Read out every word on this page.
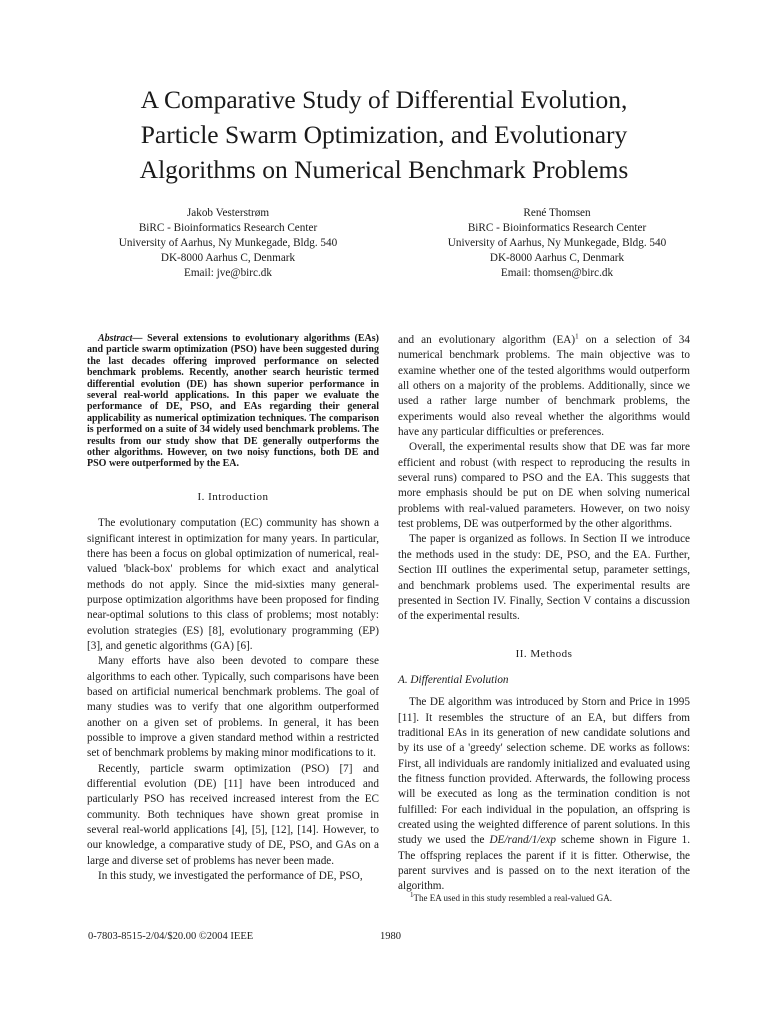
A Comparative Study of Differential Evolution,
Particle Swarm Optimization, and Evolutionary
Algorithms on Numerical Benchmark Problems
Jakob Vesterstrøm
BiRC - Bioinformatics Research Center
University of Aarhus, Ny Munkegade, Bldg. 540
DK-8000 Aarhus C, Denmark
Email: jve@birc.dk
René Thomsen
BiRC - Bioinformatics Research Center
University of Aarhus, Ny Munkegade, Bldg. 540
DK-8000 Aarhus C, Denmark
Email: thomsen@birc.dk

Abstract— Several extensions to evolutionary algorithms (EAs) and particle swarm optimization (PSO) have been suggested during the last decades offering improved performance on selected benchmark problems. Recently, another search heuristic termed differential evolution (DE) has shown superior performance in several real-world applications. In this paper we evaluate the performance of DE, PSO, and EAs regarding their general applicability as numerical optimization techniques. The comparison is performed on a suite of 34 widely used benchmark problems. The results from our study show that DE generally outperforms the other algorithms. However, on two noisy functions, both DE and PSO were outperformed by the EA.

I. Introduction

The evolutionary computation (EC) community has shown a significant interest in optimization for many years. In particular, there has been a focus on global optimization of numerical, real-valued 'black-box' problems for which exact and analytical methods do not apply. Since the mid-sixties many general-purpose optimization algorithms have been proposed for finding near-optimal solutions to this class of problems; most notably: evolution strategies (ES) [8], evolutionary programming (EP) [3], and genetic algorithms (GA) [6].

Many efforts have also been devoted to compare these algorithms to each other. Typically, such comparisons have been based on artificial numerical benchmark problems. The goal of many studies was to verify that one algorithm outperformed another on a given set of problems. In general, it has been possible to improve a given standard method within a restricted set of benchmark problems by making minor modifications to it.

Recently, particle swarm optimization (PSO) [7] and differential evolution (DE) [11] have been introduced and particularly PSO has received increased interest from the EC community. Both techniques have shown great promise in several real-world applications [4], [5], [12], [14]. However, to our knowledge, a comparative study of DE, PSO, and GAs on a large and diverse set of problems has never been made.

In this study, we investigated the performance of DE, PSO,

and an evolutionary algorithm (EA)$^1$ on a selection of 34 numerical benchmark problems. The main objective was to examine whether one of the tested algorithms would outperform all others on a majority of the problems. Additionally, since we used a rather large number of benchmark problems, the experiments would also reveal whether the algorithms would have any particular difficulties or preferences.

Overall, the experimental results show that DE was far more efficient and robust (with respect to reproducing the results in several runs) compared to PSO and the EA. This suggests that more emphasis should be put on DE when solving numerical problems with real-valued parameters. However, on two noisy test problems, DE was outperformed by the other algorithms.

The paper is organized as follows. In Section II we introduce the methods used in the study: DE, PSO, and the EA. Further, Section III outlines the experimental setup, parameter settings, and benchmark problems used. The experimental results are presented in Section IV. Finally, Section V contains a discussion of the experimental results.

II. Methods
A. Differential Evolution

The DE algorithm was introduced by Storn and Price in 1995 [11]. It resembles the structure of an EA, but differs from traditional EAs in its generation of new candidate solutions and by its use of a 'greedy' selection scheme. DE works as follows: First, all individuals are randomly initialized and evaluated using the fitness function provided. Afterwards, the following process will be executed as long as the termination condition is not fulfilled: For each individual in the population, an offspring is created using the weighted difference of parent solutions. In this study we used the DE/rand/1/exp scheme shown in Figure 1. The offspring replaces the parent if it is fitter. Otherwise, the parent survives and is passed on to the next iteration of the algorithm.

$^1$The EA used in this study resembled a real-valued GA.
0-7803-8515-2/04/$20.00 ©2004 IEEE	1980
